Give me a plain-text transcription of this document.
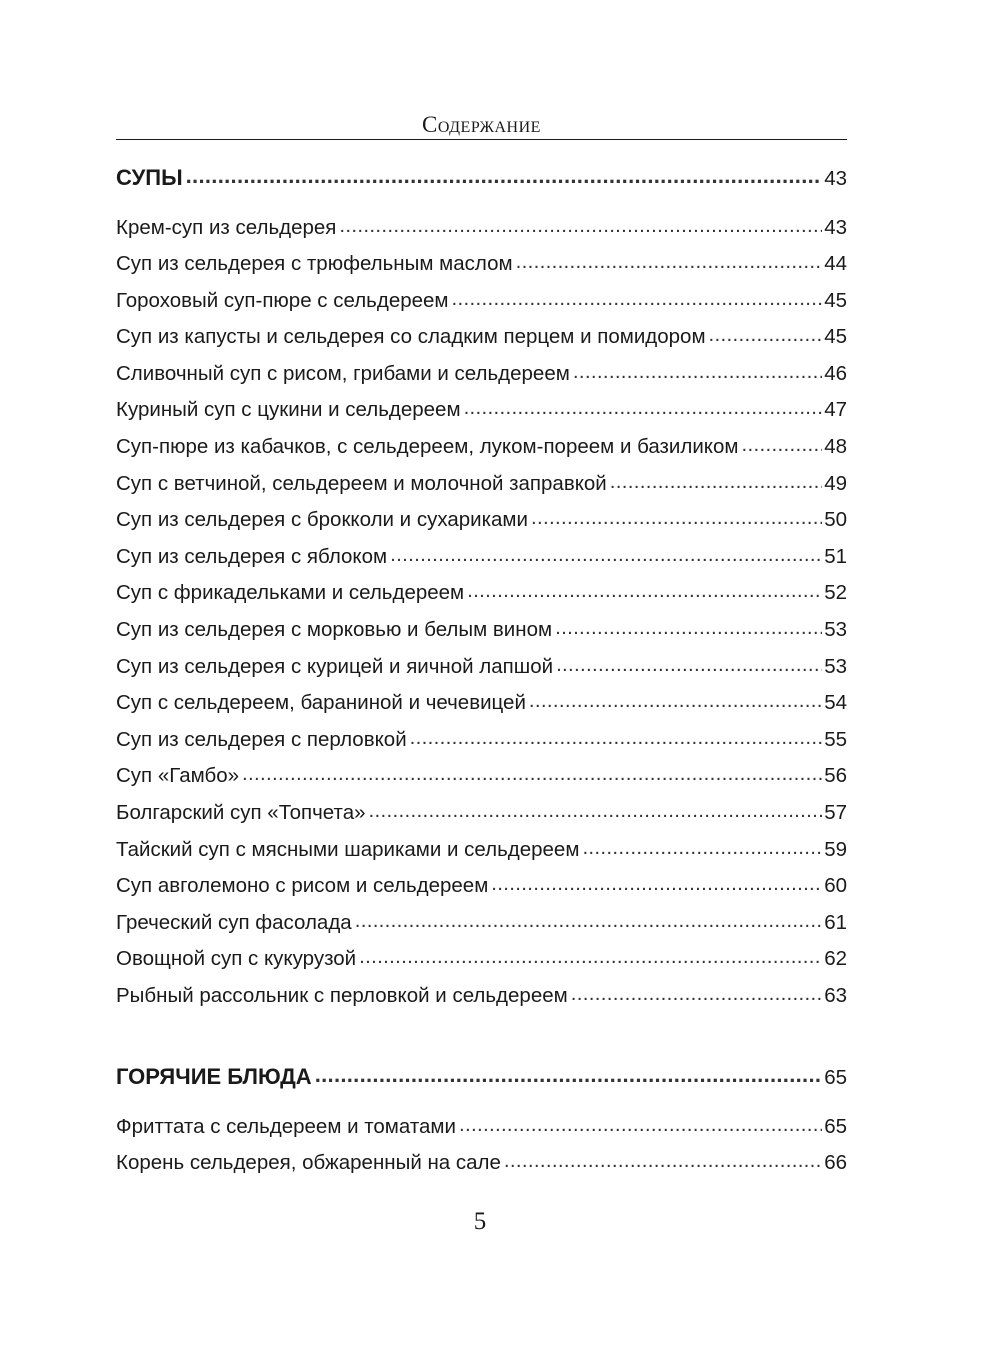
Содержание
СУПЫ .....	43
Крем-суп из сельдерея .....	43
Суп из сельдерея с трюфельным маслом .....	44
Гороховый суп-пюре с сельдереем .....	45
Суп из капусты и сельдерея со сладким перцем и помидором .....	45
Сливочный суп с рисом, грибами и сельдереем .....	46
Куриный суп с цукини и сельдереем .....	47
Суп-пюре из кабачков, с сельдереем, луком-пореем и базиликом .....	48
Суп с ветчиной, сельдереем и молочной заправкой .....	49
Суп из сельдерея с брокколи и сухариками .....	50
Суп из сельдерея с яблоком .....	51
Суп с фрикадельками и сельдереем .....	52
Суп из сельдерея с морковью и белым вином .....	53
Суп из сельдерея с курицей и яичной лапшой .....	53
Суп с сельдереем, бараниной и чечевицей .....	54
Суп из сельдерея с перловкой .....	55
Суп «Гамбо» .....	56
Болгарский суп «Топчета» .....	57
Тайский суп с мясными шариками и сельдереем .....	59
Суп авголемоно с рисом и сельдереем .....	60
Греческий суп фасолада .....	61
Овощной суп с кукурузой .....	62
Рыбный рассольник с перловкой и сельдереем .....	63
ГОРЯЧИЕ БЛЮДА .....	65
Фриттата с сельдереем и томатами .....	65
Корень сельдерея, обжаренный на сале .....	66
5
